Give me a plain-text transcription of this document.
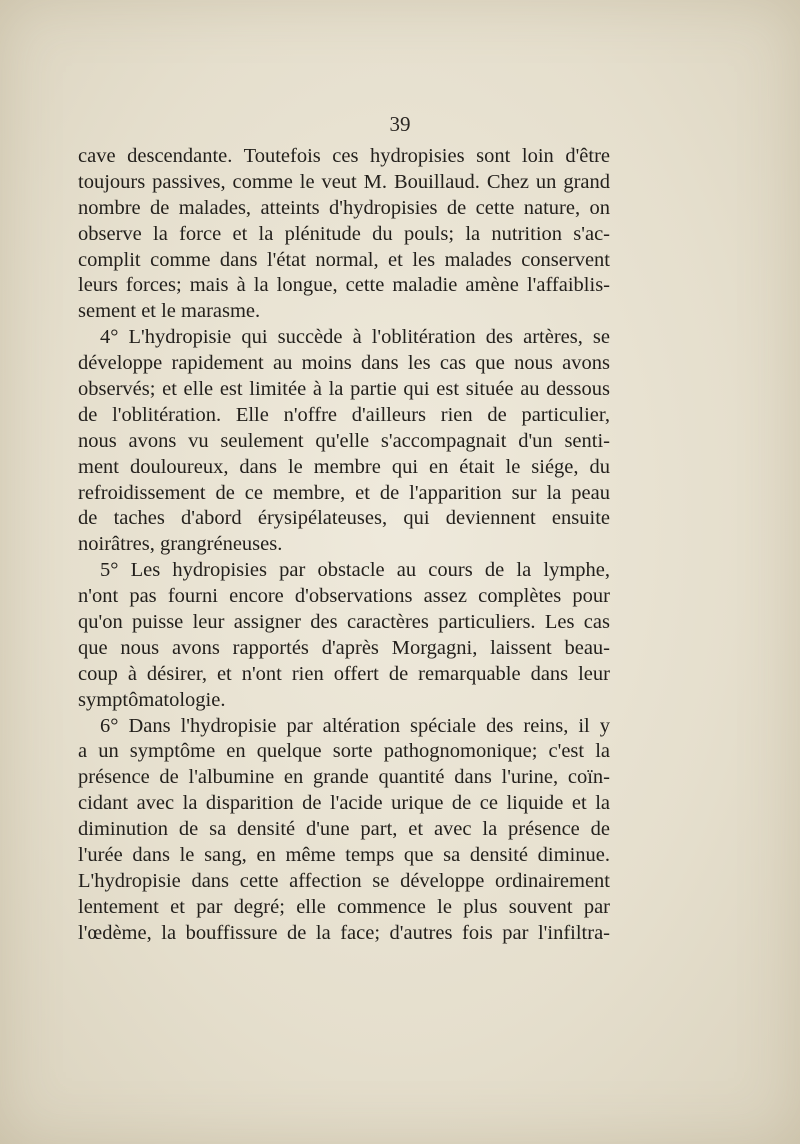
39
cave descendante. Toutefois ces hydropisies sont loin d'être
toujours passives, comme le veut M. Bouillaud. Chez un grand
nombre de malades, atteints d'hydropisies de cette nature, on
observe la force et la plénitude du pouls; la nutrition s'ac-
complit comme dans l'état normal, et les malades conservent
leurs forces; mais à la longue, cette maladie amène l'affaiblis-
sement et le marasme.
4° L'hydropisie qui succède à l'oblitération des artères, se
développe rapidement au moins dans les cas que nous avons
observés; et elle est limitée à la partie qui est située au dessous
de l'oblitération. Elle n'offre d'ailleurs rien de particulier,
nous avons vu seulement qu'elle s'accompagnait d'un senti-
ment douloureux, dans le membre qui en était le siége, du
refroidissement de ce membre, et de l'apparition sur la peau
de taches d'abord érysipélateuses, qui deviennent ensuite
noirâtres, grangréneuses.
5° Les hydropisies par obstacle au cours de la lymphe,
n'ont pas fourni encore d'observations assez complètes pour
qu'on puisse leur assigner des caractères particuliers. Les cas
que nous avons rapportés d'après Morgagni, laissent beau-
coup à désirer, et n'ont rien offert de remarquable dans leur
symptômatologie.
6° Dans l'hydropisie par altération spéciale des reins, il y
a un symptôme en quelque sorte pathognomonique; c'est la
présence de l'albumine en grande quantité dans l'urine, coïn-
cidant avec la disparition de l'acide urique de ce liquide et la
diminution de sa densité d'une part, et avec la présence de
l'urée dans le sang, en même temps que sa densité diminue.
L'hydropisie dans cette affection se développe ordinairement
lentement et par degré; elle commence le plus souvent par
l'œdème, la bouffissure de la face; d'autres fois par l'infiltra-
